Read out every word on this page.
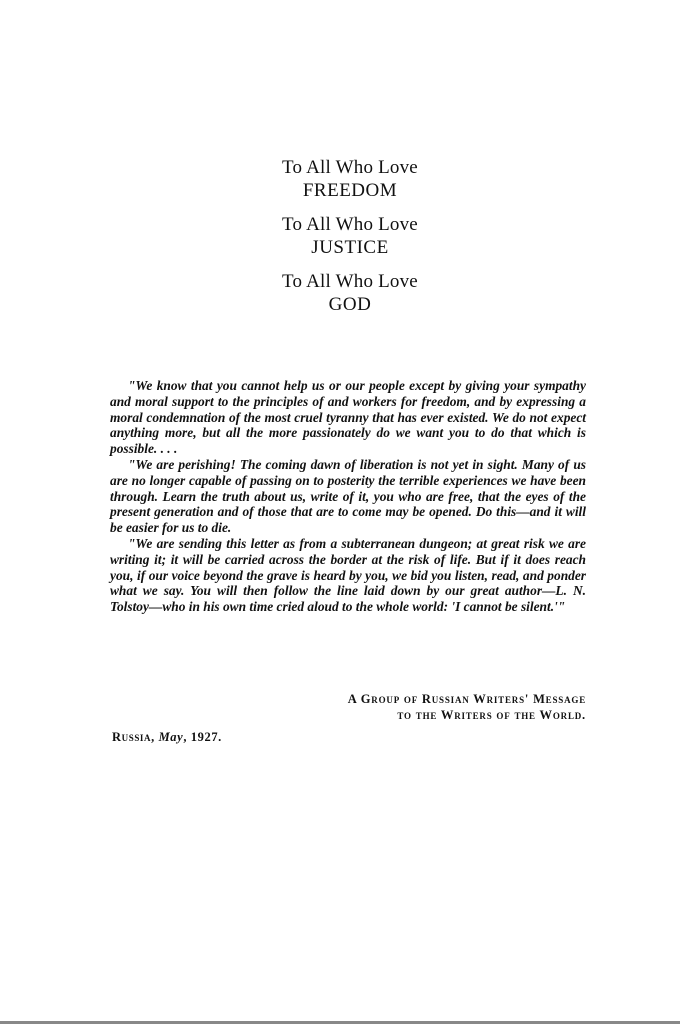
To All Who Love
FREEDOM
To All Who Love
JUSTICE
To All Who Love
GOD

"We know that you cannot help us or our people except by giving your sympathy and moral support to the principles of and workers for freedom, and by expressing a moral condemnation of the most cruel tyranny that has ever existed. We do not expect anything more, but all the more passionately do we want you to do that which is possible. . . .

"We are perishing! The coming dawn of liberation is not yet in sight. Many of us are no longer capable of passing on to posterity the terrible experiences we have been through. Learn the truth about us, write of it, you who are free, that the eyes of the present generation and of those that are to come may be opened. Do this—and it will be easier for us to die.

"We are sending this letter as from a subterranean dungeon; at great risk we are writing it; it will be carried across the border at the risk of life. But if it does reach you, if our voice beyond the grave is heard by you, we bid you listen, read, and ponder what we say. You will then follow the line laid down by our great author—L. N. Tolstoy—who in his own time cried aloud to the whole world: 'I cannot be silent.'"

A Group of Russian Writers' Message
to the Writers of the World.
Russia, May, 1927.
